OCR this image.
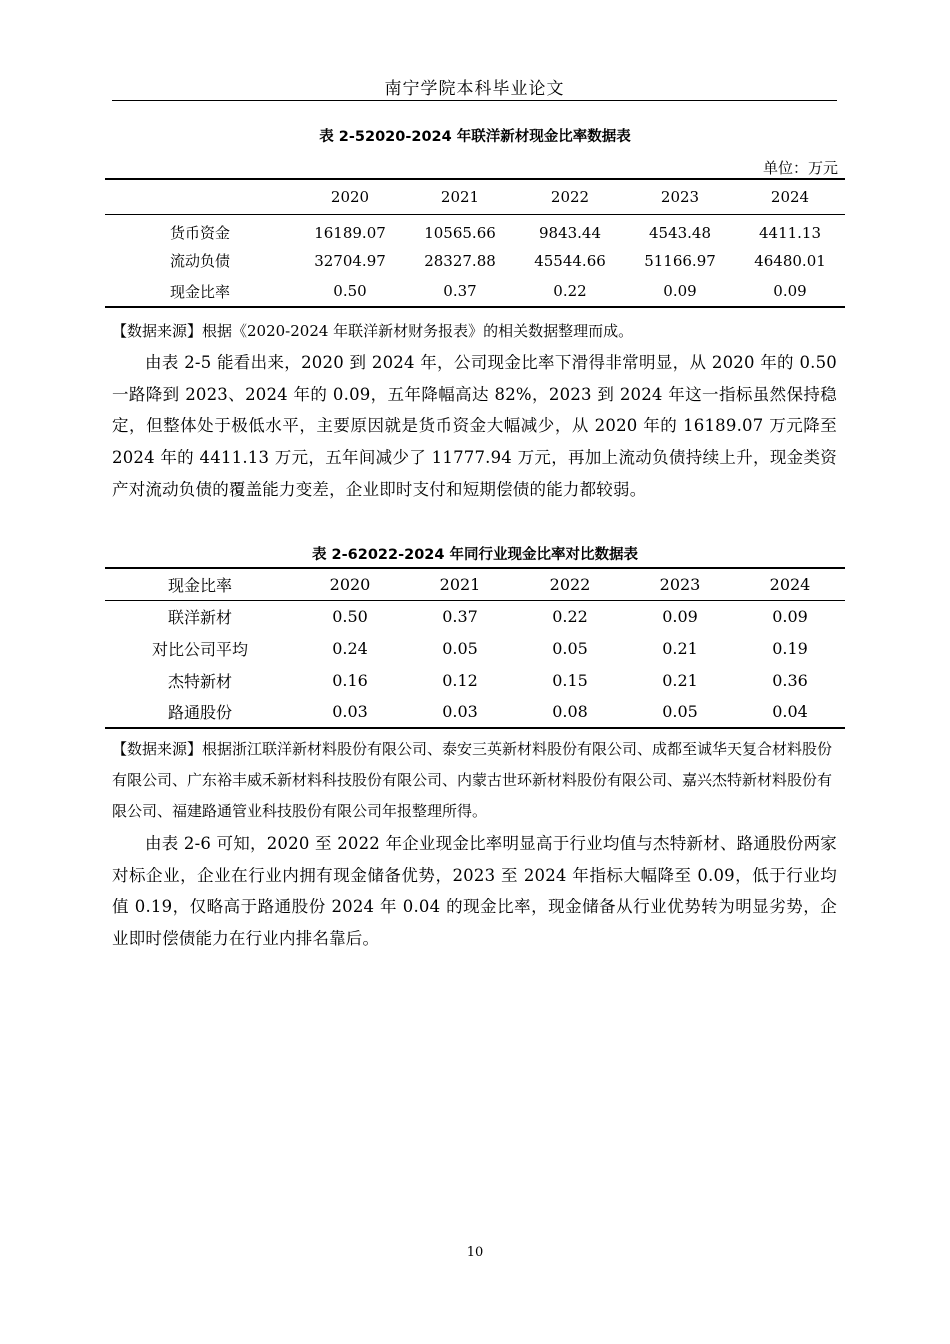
南宁学院本科毕业论文
表 2-52020-2024 年联洋新材现金比率数据表
单位：万元
	2020	2021	2022	2023	2024
货币资金	16189.07	10565.66	9843.44	4543.48	4411.13
流动负债	32704.97	28327.88	45544.66	51166.97	46480.01
现金比率	0.50	0.37	0.22	0.09	0.09
【数据来源】根据《2020-2024 年联洋新材财务报表》的相关数据整理而成。
由表 2-5 能看出来，2020 到 2024 年，公司现金比率下滑得非常明显，从 2020 年的 0.50 一路降到 2023、2024 年的 0.09，五年降幅高达 82%，2023 到 2024 年这一指标虽然保持稳定，但整体处于极低水平，主要原因就是货币资金大幅减少，从 2020 年的 16189.07 万元降至 2024 年的 4411.13 万元，五年间减少了 11777.94 万元，再加上流动负债持续上升，现金类资产对流动负债的覆盖能力变差，企业即时支付和短期偿债的能力都较弱。
表 2-62022-2024 年同行业现金比率对比数据表
现金比率	2020	2021	2022	2023	2024
联洋新材	0.50	0.37	0.22	0.09	0.09
对比公司平均	0.24	0.05	0.05	0.21	0.19
杰特新材	0.16	0.12	0.15	0.21	0.36
路通股份	0.03	0.03	0.08	0.05	0.04
【数据来源】根据浙江联洋新材料股份有限公司、泰安三英新材料股份有限公司、成都至诚华天复合材料股份有限公司、广东裕丰威禾新材料科技股份有限公司、内蒙古世环新材料股份有限公司、嘉兴杰特新材料股份有限公司、福建路通管业科技股份有限公司年报整理所得。
由表 2-6 可知，2020 至 2022 年企业现金比率明显高于行业均值与杰特新材、路通股份两家对标企业，企业在行业内拥有现金储备优势，2023 至 2024 年指标大幅降至 0.09，低于行业均值 0.19，仅略高于路通股份 2024 年 0.04 的现金比率，现金储备从行业优势转为明显劣势，企业即时偿债能力在行业内排名靠后。
10
